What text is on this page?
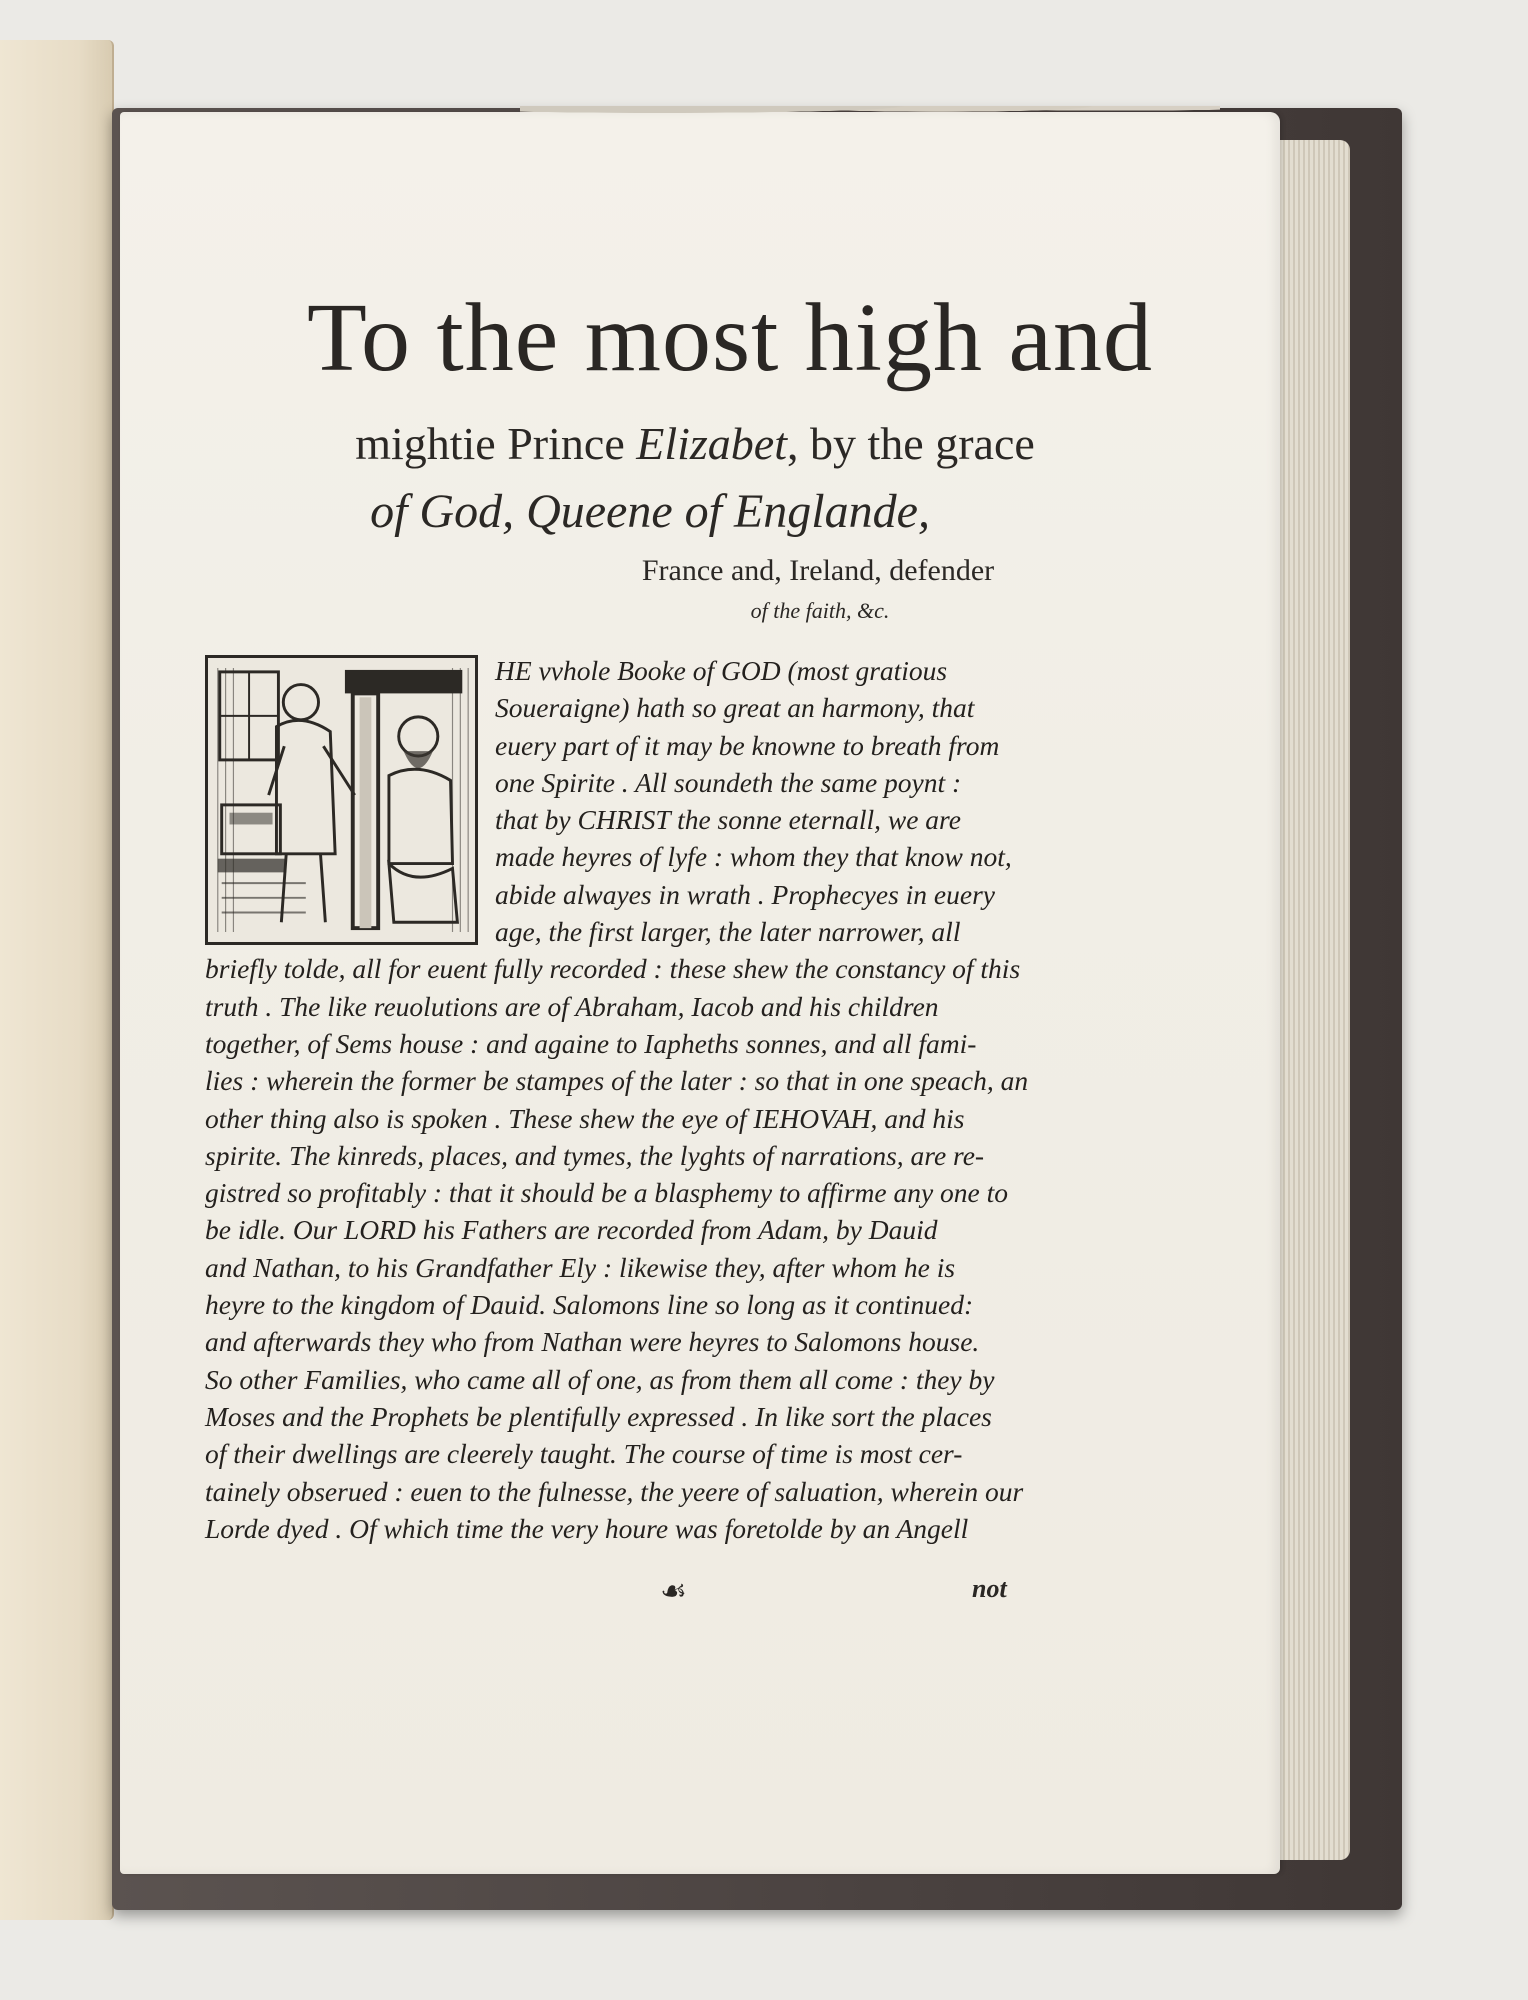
To the most high and
mightie Prince Elizabet, by the grace
of God, Queene of Englande,
France and, Ireland, defender
of the faith, &c.
HE vvhole Booke of GOD (most gratious
Soueraigne) hath so great an harmony, that
euery part of it may be knowne to breath from
one Spirite . All soundeth the same poynt :
that by CHRIST the sonne eternall, we are
made heyres of lyfe : whom they that know not,
abide alwayes in wrath . Prophecyes in euery
age, the first larger, the later narrower, all
briefly tolde, all for euent fully recorded : these shew the constancy of this
truth . The like reuolutions are of Abraham, Iacob and his children
together, of Sems house : and againe to Iapheths sonnes, and all fami-
lies : wherein the former be stampes of the later : so that in one speach, an
other thing also is spoken . These shew the eye of IEHOVAH, and his
spirite. The kinreds, places, and tymes, the lyghts of narrations, are re-
gistred so profitably : that it should be a blasphemy to affirme any one to
be idle. Our LORD his Fathers are recorded from Adam, by Dauid
and Nathan, to his Grandfather Ely : likewise they, after whom he is
heyre to the kingdom of Dauid. Salomons line so long as it continued:
and afterwards they who from Nathan were heyres to Salomons house.
So other Families, who came all of one, as from them all come : they by
Moses and the Prophets be plentifully expressed . In like sort the places
of their dwellings are cleerely taught. The course of time is most cer-
tainely obserued : euen to the fulnesse, the yeere of saluation, wherein our
Lorde dyed . Of which time the very houre was foretolde by an Angell
☙	not
